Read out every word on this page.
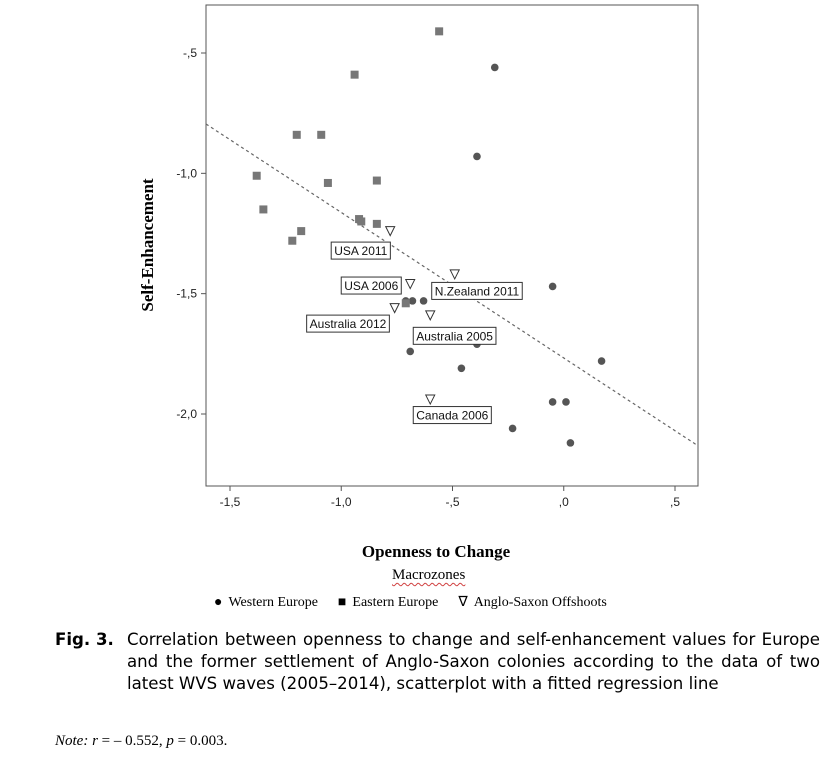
-1,5	-1,0	-,5	,0	,5
-,5
-1,0
-1,5
-2,0
USA 2011
USA 2006	N.Zealand 2011
Australia 2012
Australia 2005
Canada 2006
Self-Enhancement
Openness to Change
Macrozones
● Western Europe ■ Eastern Europe ∇ Anglo-Saxon Offshoots
Fig. 3. Correlation between openness to change and self-enhancement values for Europe and the former settlement of Anglo-Saxon colonies according to the data of two latest WVS waves (2005–2014), scatterplot with a fitted regression line
Note: r = – 0.552, p = 0.003.
